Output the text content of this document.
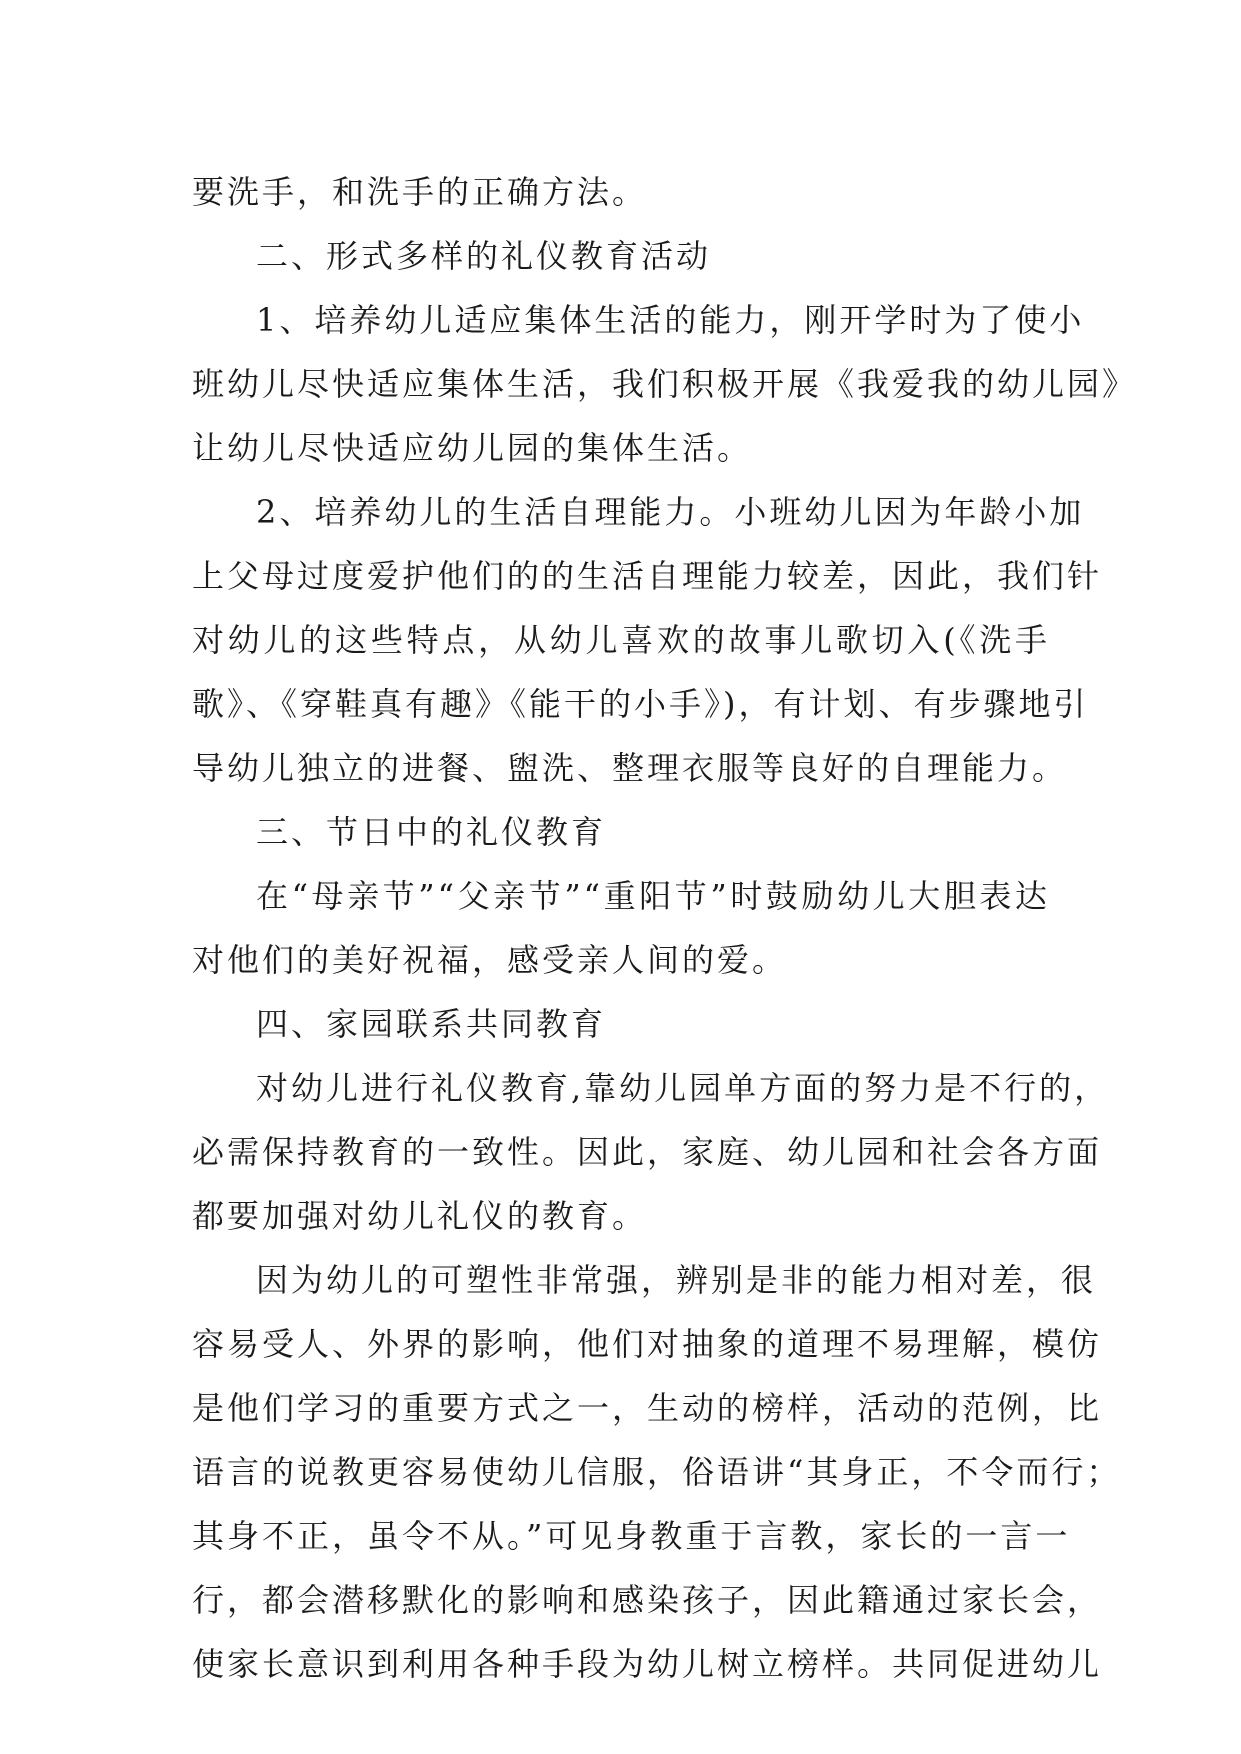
要洗手，和洗手的正确方法。
二、形式多样的礼仪教育活动
1、培养幼儿适应集体生活的能力，刚开学时为了使小
班幼儿尽快适应集体生活，我们积极开展《我爱我的幼儿园》
让幼儿尽快适应幼儿园的集体生活。
2、培养幼儿的生活自理能力。小班幼儿因为年龄小加
上父母过度爱护他们的的生活自理能力较差，因此，我们针
对幼儿的这些特点，从幼儿喜欢的故事儿歌切入(《洗手
歌》、《穿鞋真有趣》《能干的小手》)，有计划、有步骤地引
导幼儿独立的进餐、盥洗、整理衣服等良好的自理能力。
三、节日中的礼仪教育
在“母亲节”“父亲节”“重阳节”时鼓励幼儿大胆表达
对他们的美好祝福，感受亲人间的爱。
四、家园联系共同教育
对幼儿进行礼仪教育,靠幼儿园单方面的努力是不行的，
必需保持教育的一致性。因此，家庭、幼儿园和社会各方面
都要加强对幼儿礼仪的教育。
因为幼儿的可塑性非常强，辨别是非的能力相对差，很
容易受人、外界的影响，他们对抽象的道理不易理解，模仿
是他们学习的重要方式之一，生动的榜样，活动的范例，比
语言的说教更容易使幼儿信服，俗语讲“其身正，不令而行；
其身不正，虽令不从。”可见身教重于言教，家长的一言一
行，都会潜移默化的影响和感染孩子，因此籍通过家长会，
使家长意识到利用各种手段为幼儿树立榜样。共同促进幼儿
